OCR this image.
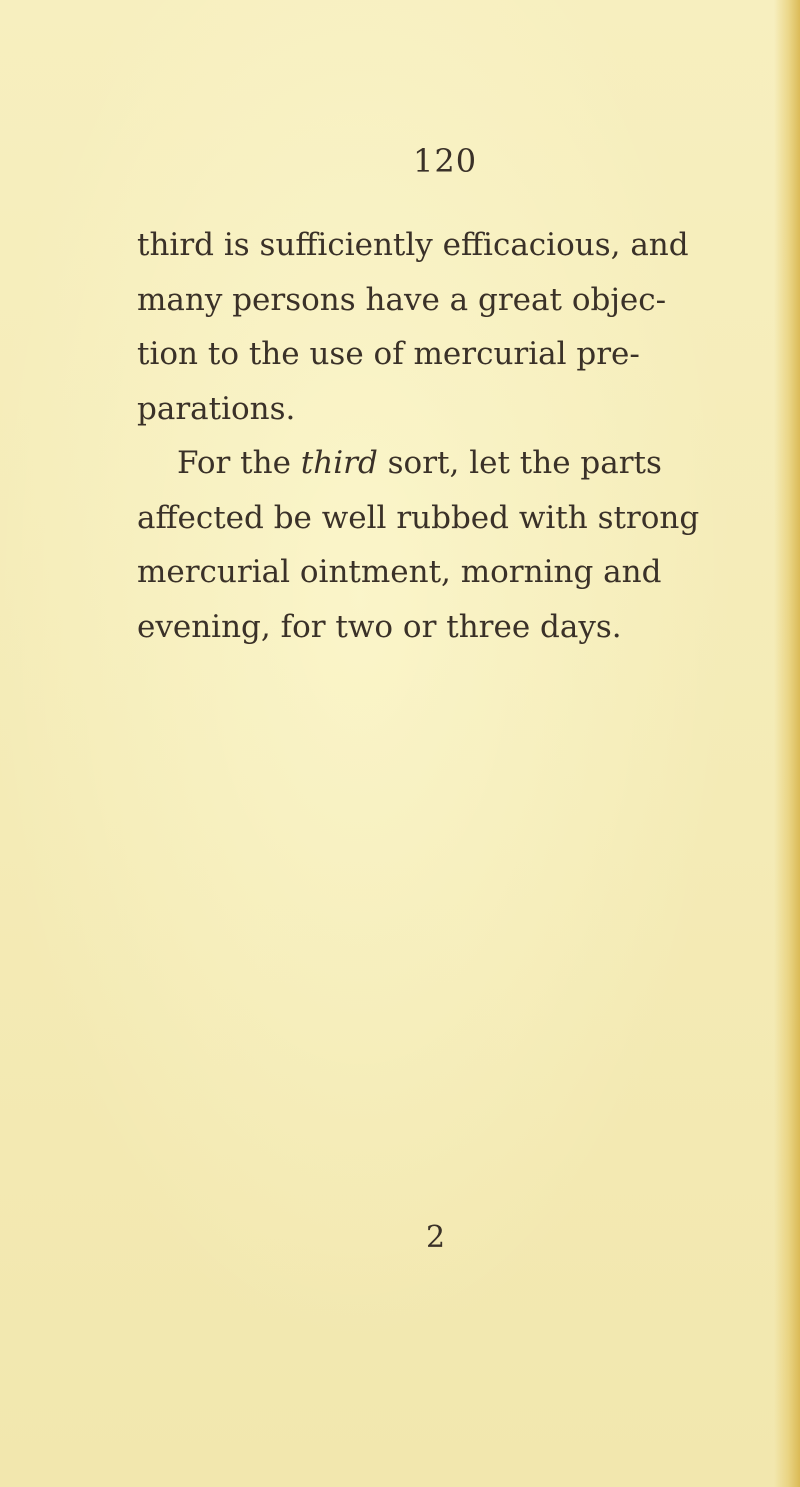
120

third is sufficiently efficacious, and
many persons have a great objec-
tion to the use of mercurial pre-
parations.
For the third sort, let the parts
affected be well rubbed with strong
mercurial ointment, morning and
evening, for two or three days.

2
